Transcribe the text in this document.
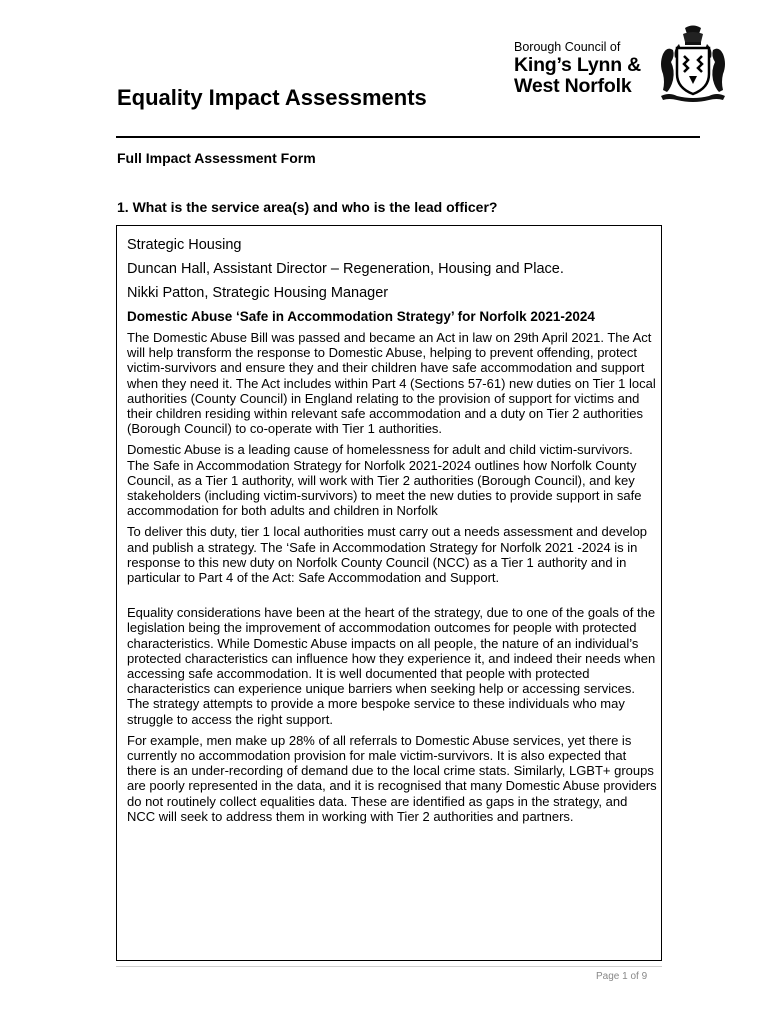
Borough Council of
King’s Lynn &
West Norfolk
Equality Impact Assessments
Full Impact Assessment Form
1. What is the service area(s) and who is the lead officer?
Strategic Housing
Duncan Hall, Assistant Director – Regeneration, Housing and Place.
Nikki Patton, Strategic Housing Manager
Domestic Abuse ‘Safe in Accommodation Strategy’ for Norfolk 2021-2024

The Domestic Abuse Bill was passed and became an Act in law on 29th April 2021. The Act will help transform the response to Domestic Abuse, helping to prevent offending, protect victim-survivors and ensure they and their children have safe accommodation and support when they need it. The Act includes within Part 4 (Sections 57-61) new duties on Tier 1 local authorities (County Council) in England relating to the provision of support for victims and their children residing within relevant safe accommodation and a duty on Tier 2 authorities (Borough Council) to co-operate with Tier 1 authorities.

Domestic Abuse is a leading cause of homelessness for adult and child victim-survivors. The Safe in Accommodation Strategy for Norfolk 2021-2024 outlines how Norfolk County Council, as a Tier 1 authority, will work with Tier 2 authorities (Borough Council), and key stakeholders (including victim-survivors) to meet the new duties to provide support in safe accommodation for both adults and children in Norfolk

To deliver this duty, tier 1 local authorities must carry out a needs assessment and develop and publish a strategy. The ‘Safe in Accommodation Strategy for Norfolk 2021 -2024 is in response to this new duty on Norfolk County Council (NCC) as a Tier 1 authority and in particular to Part 4 of the Act: Safe Accommodation and Support.

Equality considerations have been at the heart of the strategy, due to one of the goals of the legislation being the improvement of accommodation outcomes for people with protected characteristics. While Domestic Abuse impacts on all people, the nature of an individual’s protected characteristics can influence how they experience it, and indeed their needs when accessing safe accommodation. It is well documented that people with protected characteristics can experience unique barriers when seeking help or accessing services. The strategy attempts to provide a more bespoke service to these individuals who may struggle to access the right support.

For example, men make up 28% of all referrals to Domestic Abuse services, yet there is currently no accommodation provision for male victim-survivors. It is also expected that there is an under-recording of demand due to the local crime stats. Similarly, LGBT+ groups are poorly represented in the data, and it is recognised that many Domestic Abuse providers do not routinely collect equalities data. These are identified as gaps in the strategy, and NCC will seek to address them in working with Tier 2 authorities and partners.

Page 1 of 9
